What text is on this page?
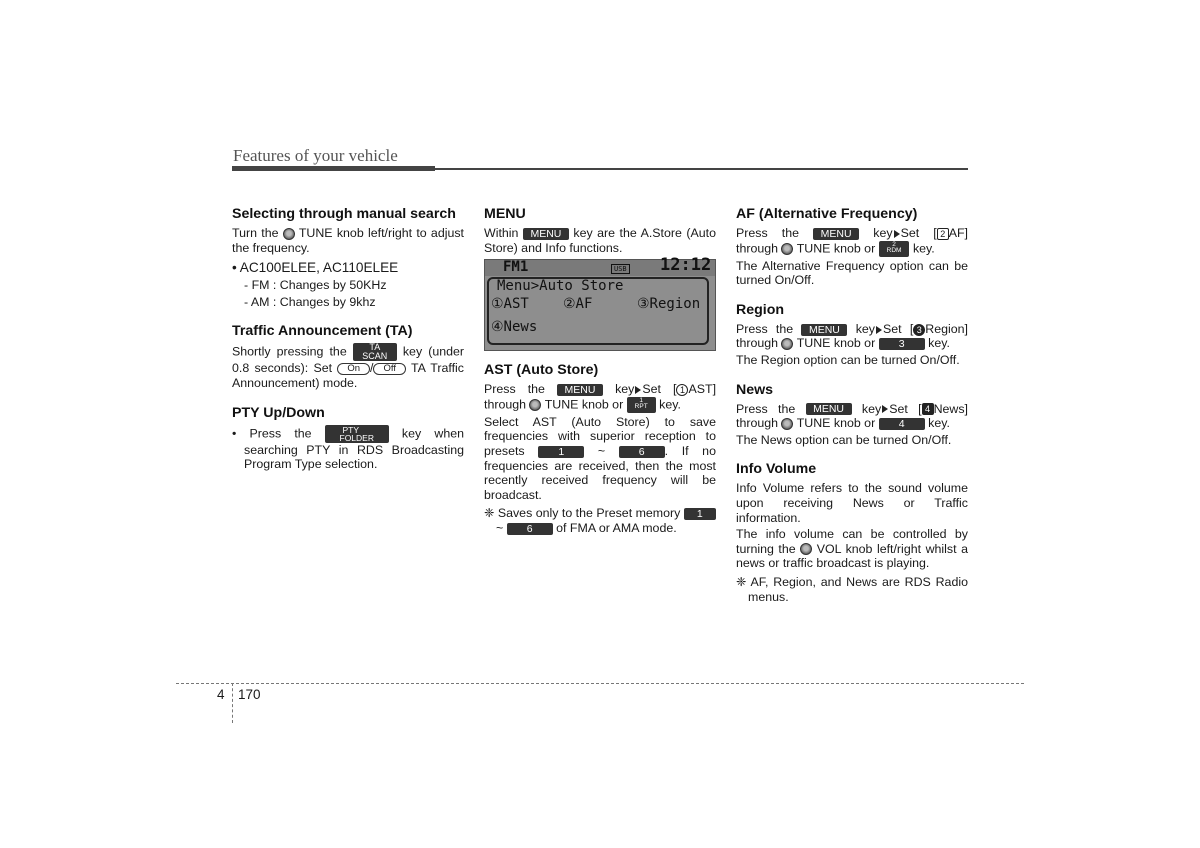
Features of your vehicle
Selecting through manual search

Turn the TUNE knob left/right to adjust the frequency.

• AC100ELEE, AC110ELEE

- FM : Changes by 50KHz

- AM : Changes by 9khz

Traffic Announcement (TA)

Shortly pressing the	TA
SCAN key (under 0.8 seconds): Set On / Off TA Traffic Announcement) mode.

PTY Up/Down

• Press the	PTY
FOLDER key when searching PTY in RDS Broadcasting Program Type selection.

MENU

Within MENU key are the A.Store (Auto Store) and Info functions.

FM1	USB 12:12
Menu>Auto Store
①AST ②AF	③Region
④News
AST (Auto Store)

Press the MENU key Set [ 1 AST] through TUNE knob or 1
RPT key.

Select AST (Auto Store) to save frequencies with superior reception to presets	1	~	6 . If no frequencies are received, then the most recently received frequency will be broadcast.

❈ Saves only to the Preset memory 1
~ 6 of FMA or AMA mode.

AF (Alternative Frequency)

Press the MENU key Set [ 2 AF] through TUNE knob or	2
RDM key.

The Alternative Frequency option can be turned On/Off.

Region

Press the MENU key Set [ 3 Region] through TUNE knob or 3 key.

The Region option can be turned On/Off.

News

Press the MENU key Set [ 4 News] through TUNE knob or 4 key.

The News option can be turned On/Off.

Info Volume

Info Volume refers to the sound volume upon receiving News or Traffic information.

The info volume can be controlled by turning the VOL knob left/right whilst a news or traffic broadcast is playing.

❈ AF, Region, and News are RDS Radio menus.

4 170
